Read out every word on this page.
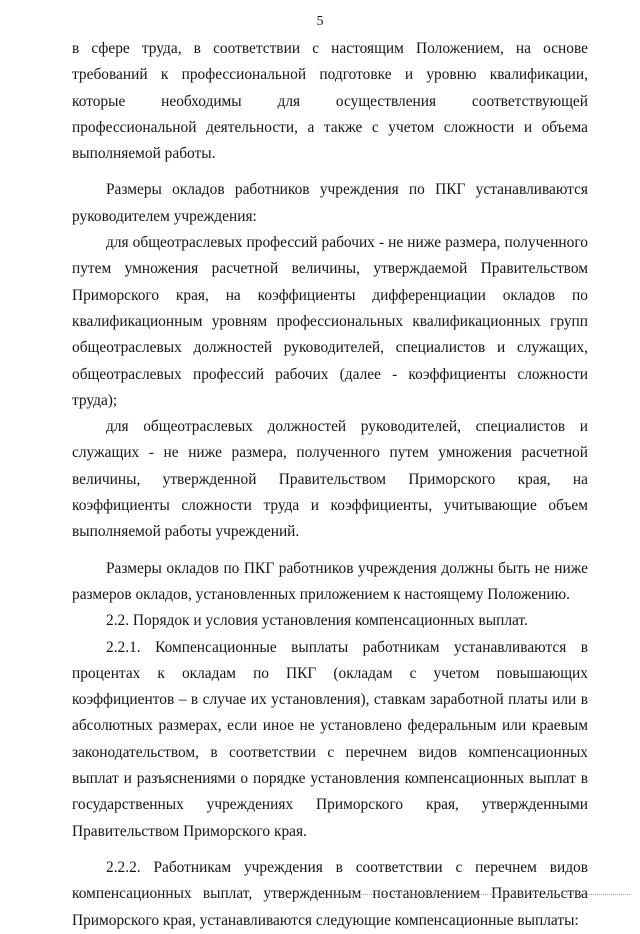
5

в сфере труда, в соответствии с настоящим Положением, на основе требований к профессиональной подготовке и уровню квалификации, которые необходимы для осуществления соответствующей профессиональной деятельности, а также с учетом сложности и объема выполняемой работы.

Размеры окладов работников учреждения по ПКГ устанавливаются руководителем учреждения:

для общеотраслевых профессий рабочих - не ниже размера, полученного путем умножения расчетной величины, утверждаемой Правительством Приморского края, на коэффициенты дифференциации окладов по квалификационным уровням профессиональных квалификационных групп общеотраслевых должностей руководителей, специалистов и служащих, общеотраслевых профессий рабочих (далее - коэффициенты сложности труда);

для общеотраслевых должностей руководителей, специалистов и служащих - не ниже размера, полученного путем умножения расчетной величины, утвержденной Правительством Приморского края, на коэффициенты сложности труда и коэффициенты, учитывающие объем выполняемой работы учреждений.

Размеры окладов по ПКГ работников учреждения должны быть не ниже размеров окладов, установленных приложением к настоящему Положению.

2.2. Порядок и условия установления компенсационных выплат.

2.2.1. Компенсационные выплаты работникам устанавливаются в процентах к окладам по ПКГ (окладам с учетом повышающих коэффициентов – в случае их установления), ставкам заработной платы или в абсолютных размерах, если иное не установлено федеральным или краевым законодательством, в соответствии с перечнем видов компенсационных выплат и разъяснениями о порядке установления компенсационных выплат в государственных учреждениях Приморского края, утвержденными Правительством Приморского края.

2.2.2. Работникам учреждения в соответствии с перечнем видов компенсационных выплат, утвержденным постановлением Правительства Приморского края, устанавливаются следующие компенсационные выплаты:
